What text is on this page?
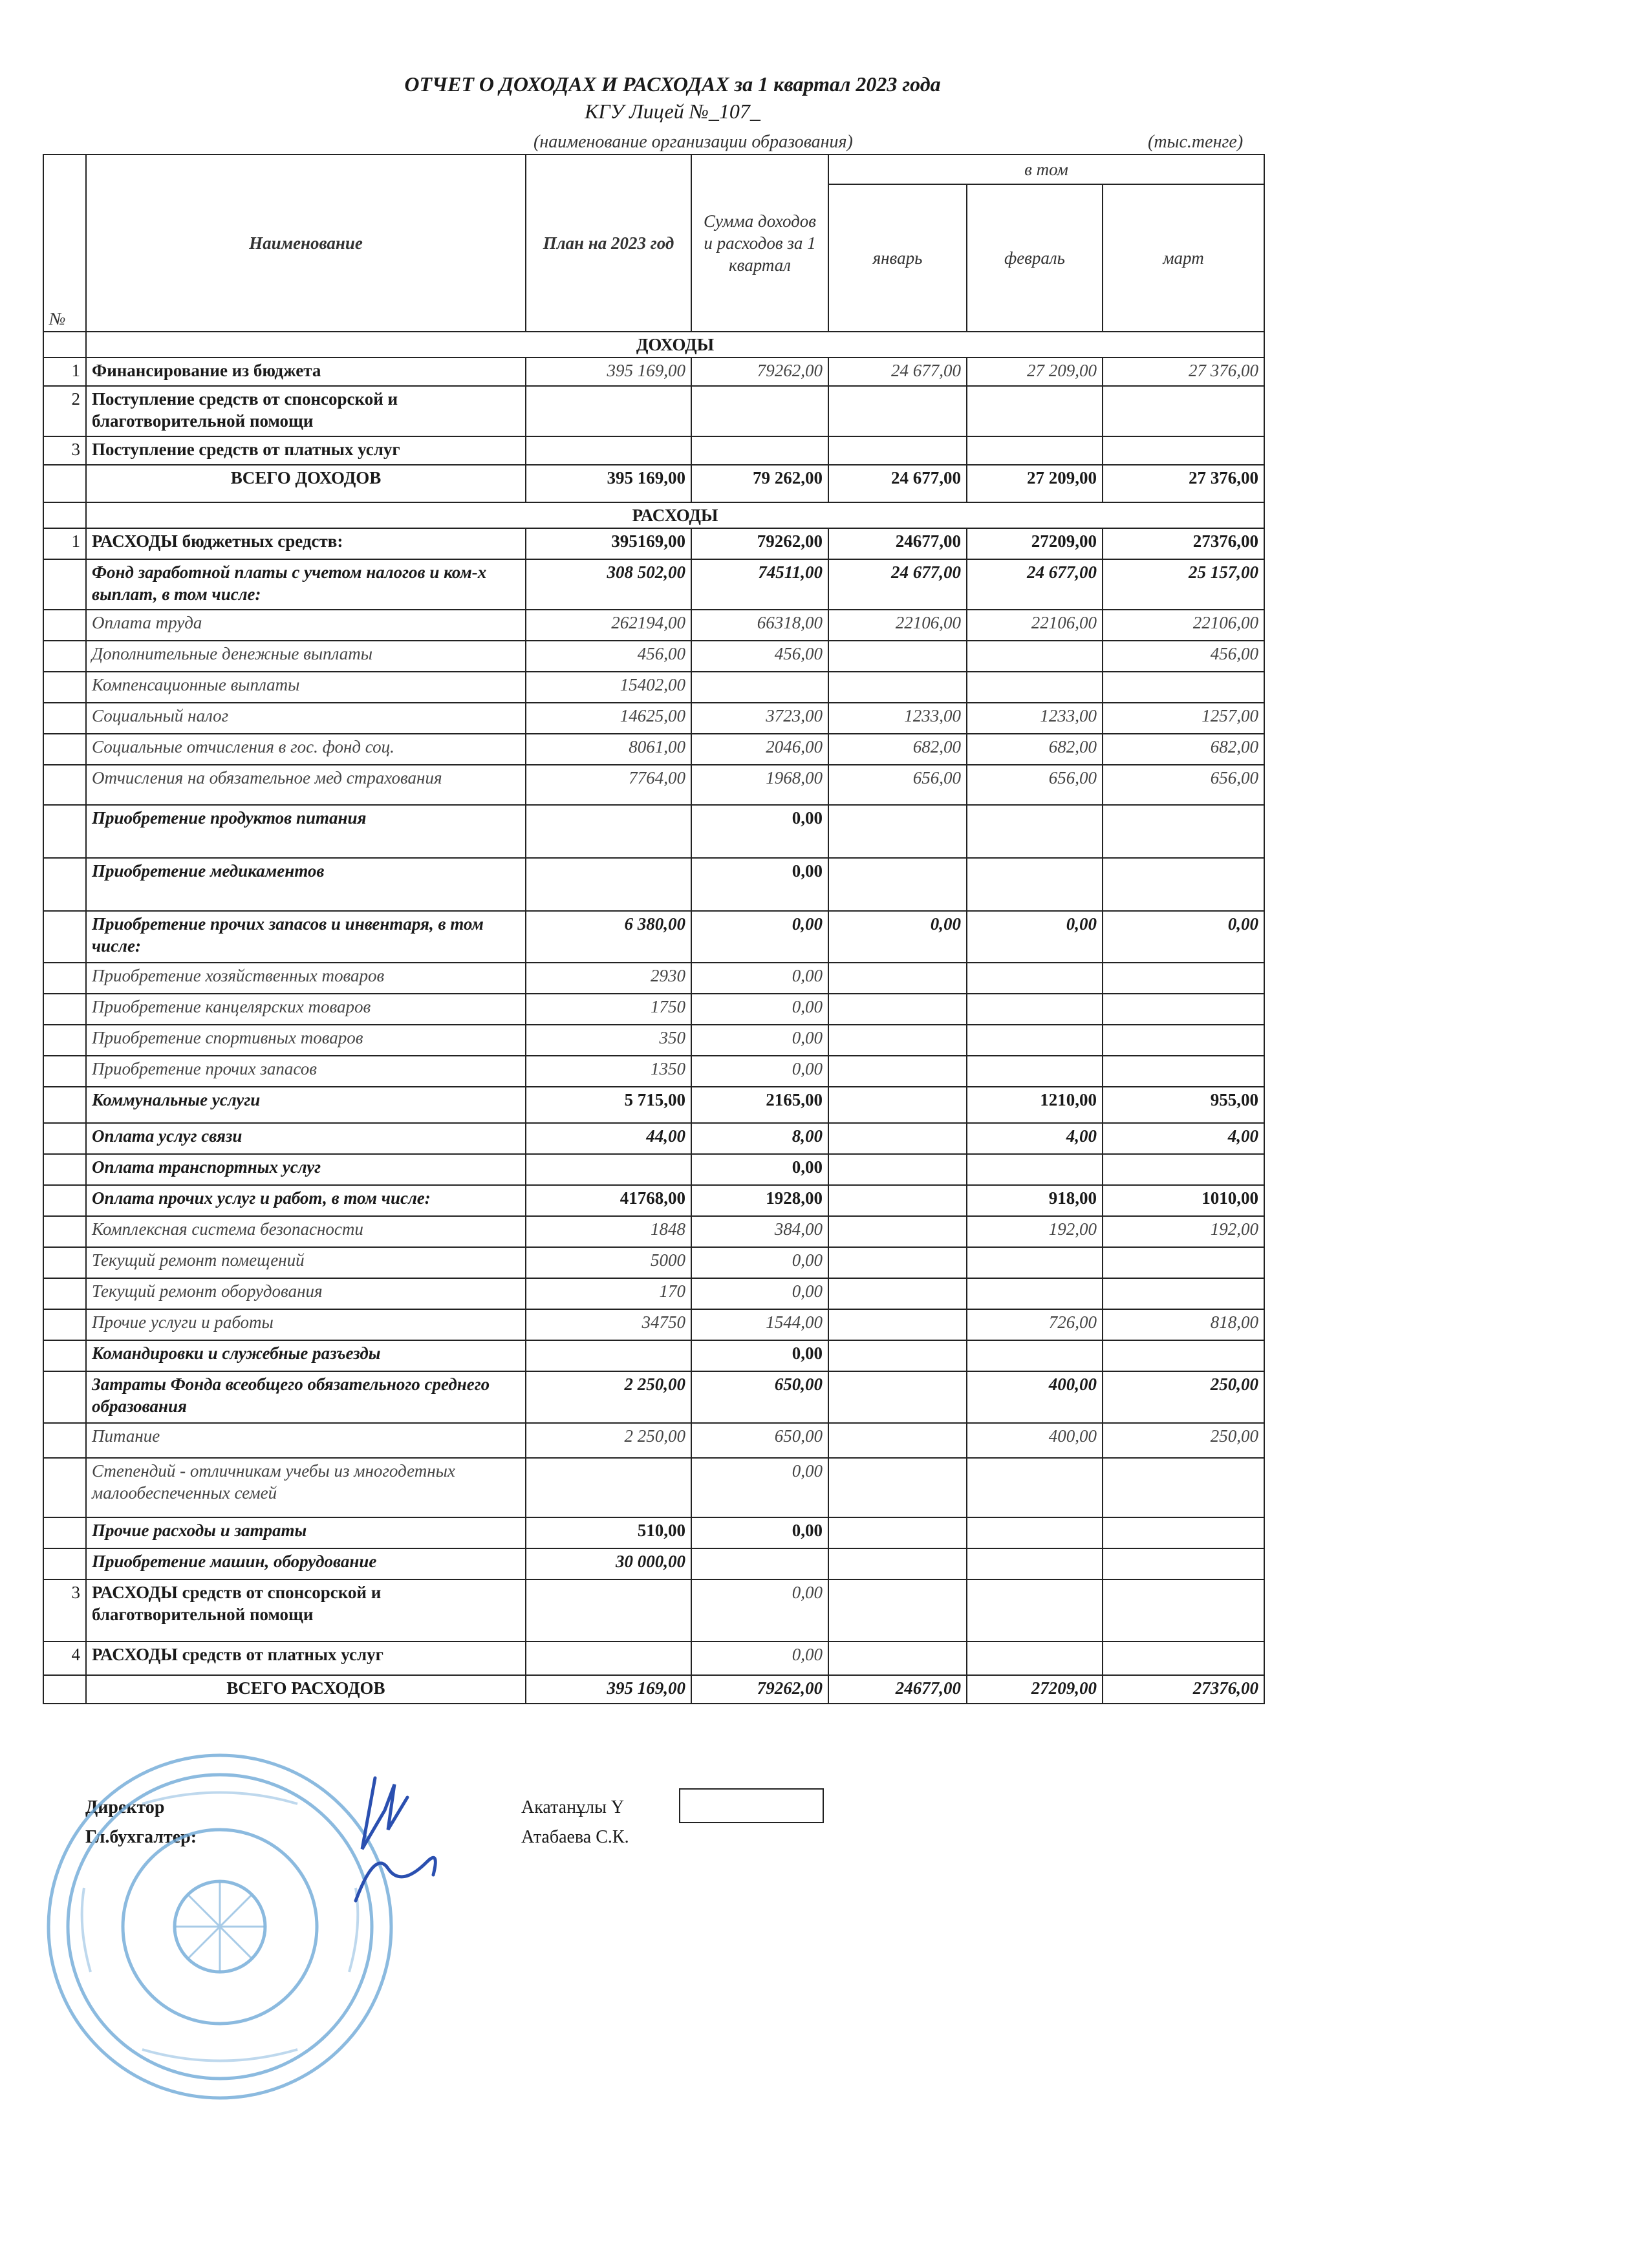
ОТЧЕТ О ДОХОДАХ И РАСХОДАХ за 1 квартал 2023 года
КГУ Лицей №_107_
(наименование организации образования)	(тыс.тенге)
№	Наименование	План на 2023 год	Сумма доходов и расходов за 1 квартал	в том		
				январь	февраль	март
	ДОХОДЫ					
1	Финансирование из бюджета	395 169,00	79262,00	24 677,00	27 209,00	27 376,00
2	Поступление средств от спонсорской и благотворительной помощи					
3	Поступление средств от платных услуг					
	ВСЕГО ДОХОДОВ	395 169,00	79 262,00	24 677,00	27 209,00	27 376,00
	РАСХОДЫ					
1	РАСХОДЫ бюджетных средств:	395169,00	79262,00	24677,00	27209,00	27376,00
	Фонд заработной платы с учетом налогов и ком-х выплат, в том числе:	308 502,00	74511,00	24 677,00	24 677,00	25 157,00
	Оплата труда	262194,00	66318,00	22106,00	22106,00	22106,00
	Дополнительные денежные выплаты	456,00	456,00			456,00
	Компенсационные выплаты	15402,00				
	Социальный налог	14625,00	3723,00	1233,00	1233,00	1257,00
	Социальные отчисления в гос. фонд соц.	8061,00	2046,00	682,00	682,00	682,00
	Отчисления на обязательное мед страхования	7764,00	1968,00	656,00	656,00	656,00
	Приобретение продуктов питания		0,00			
	Приобретение медикаментов		0,00			
	Приобретение прочих запасов и инвентаря, в том числе:	6 380,00	0,00	0,00	0,00	0,00
	Приобретение хозяйственных товаров	2930	0,00			
	Приобретение канцелярских товаров	1750	0,00			
	Приобретение спортивных товаров	350	0,00			
	Приобретение прочих запасов	1350	0,00			
	Коммунальные услуги	5 715,00	2165,00		1210,00	955,00
	Оплата услуг связи	44,00	8,00		4,00	4,00
	Оплата транспортных услуг		0,00			
	Оплата прочих услуг и работ, в том числе:	41768,00	1928,00		918,00	1010,00
	Комплексная система безопасности	1848	384,00		192,00	192,00
	Текущий ремонт помещений	5000	0,00			
	Текущий ремонт оборудования	170	0,00			
	Прочие услуги и работы	34750	1544,00		726,00	818,00
	Командировки и служебные разъезды		0,00			
	Затраты Фонда всеобщего обязательного среднего образования	2 250,00	650,00		400,00	250,00
	Питание	2 250,00	650,00		400,00	250,00
	Степендий - отличникам учебы из многодетных малообеспеченных семей		0,00			
	Прочие расходы и затраты	510,00	0,00			
	Приобретение машин, оборудование	30 000,00				
3	РАСХОДЫ средств от спонсорской и благотворительной помощи		0,00			
4	РАСХОДЫ средств от платных услуг		0,00			
	ВСЕГО РАСХОДОВ	395 169,00	79262,00	24677,00	27209,00	27376,00
Директор	Акатанұлы Ү
Гл.бухгалтер:	Атабаева С.К.
